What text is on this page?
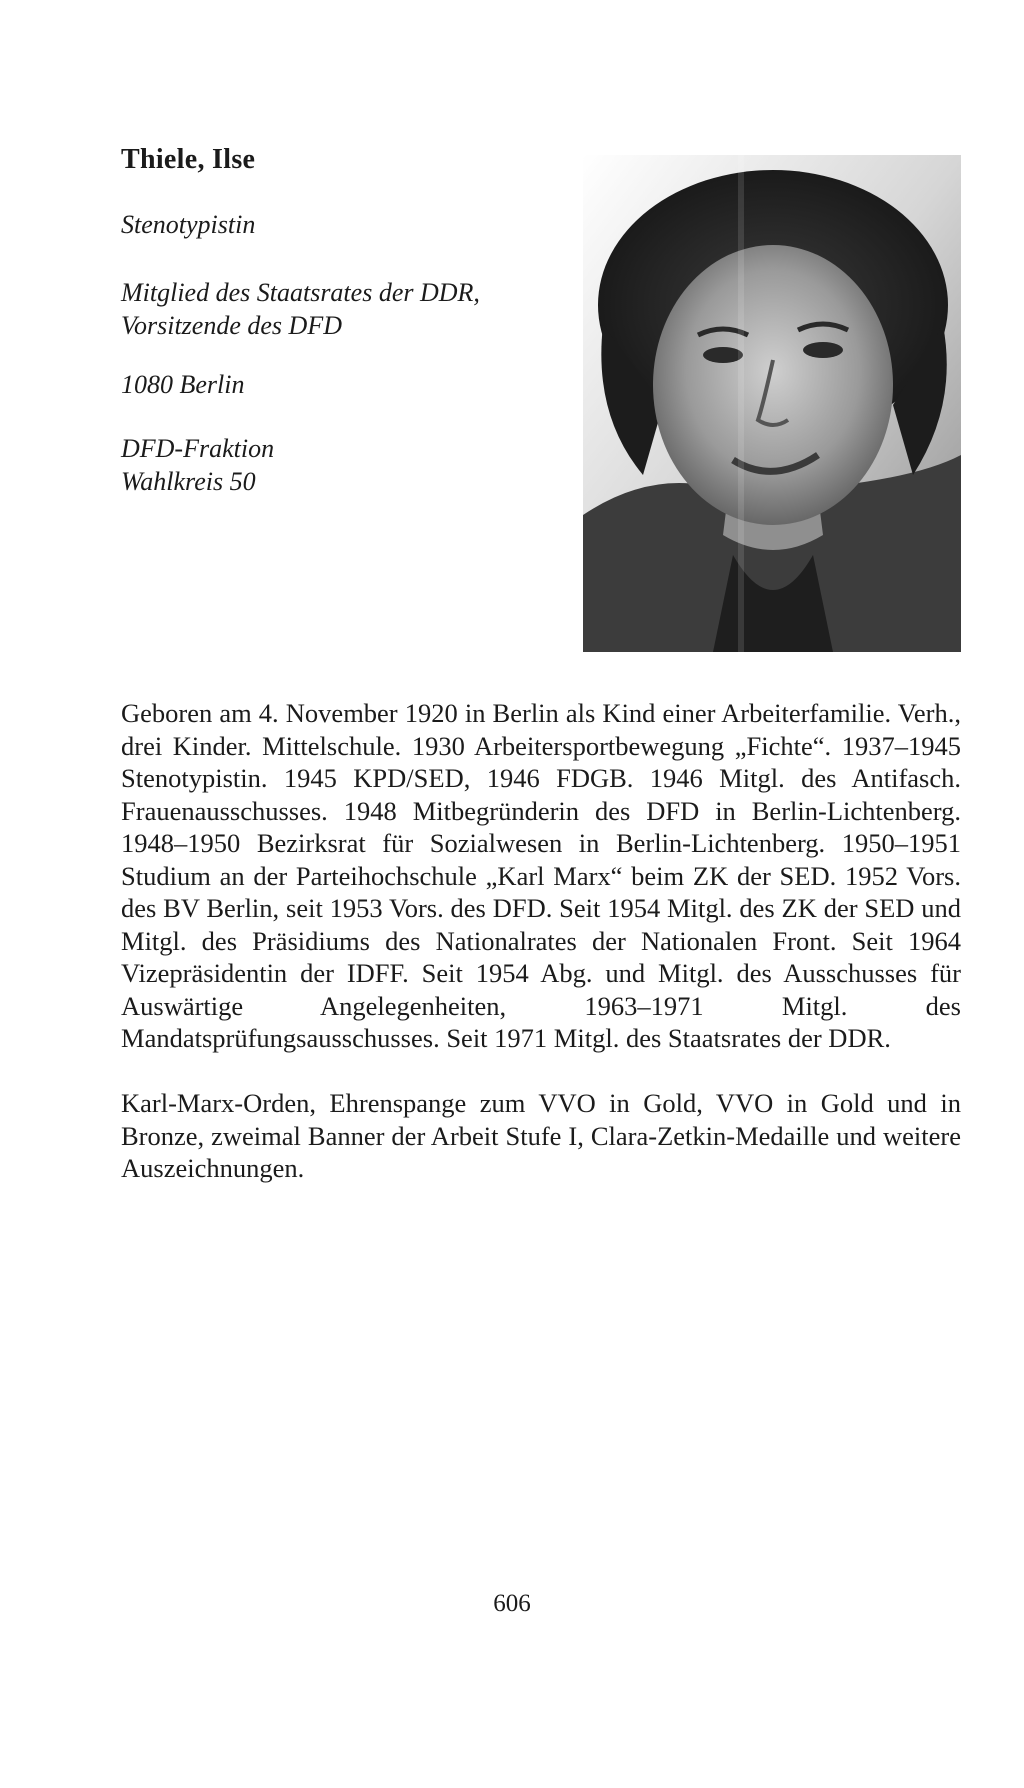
Thiele, Ilse
Stenotypistin
Mitglied des Staatsrates der DDR,
Vorsitzende des DFD
1080 Berlin
DFD-Fraktion
Wahlkreis 50

Geboren am 4. November 1920 in Berlin als Kind einer Arbeiterfamilie. Verh., drei Kinder. Mittelschule. 1930 Arbeitersportbewegung „Fichte“. 1937–1945 Stenotypistin. 1945 KPD/SED, 1946 FDGB. 1946 Mitgl. des Antifasch. Frauenausschusses. 1948 Mitbegründerin des DFD in Berlin-Lichtenberg. 1948–1950 Bezirksrat für Sozialwesen in Berlin-Lichtenberg. 1950–1951 Studium an der Parteihochschule „Karl Marx“ beim ZK der SED. 1952 Vors. des BV Berlin, seit 1953 Vors. des DFD. Seit 1954 Mitgl. des ZK der SED und Mitgl. des Präsidiums des Nationalrates der Nationalen Front. Seit 1964 Vizepräsidentin der IDFF. Seit 1954 Abg. und Mitgl. des Ausschusses für Auswärtige Angelegenheiten, 1963–1971 Mitgl. des Mandatsprüfungsausschusses. Seit 1971 Mitgl. des Staatsrates der DDR.

Karl-Marx-Orden, Ehrenspange zum VVO in Gold, VVO in Gold und in Bronze, zweimal Banner der Arbeit Stufe I, Clara-Zetkin-Medaille und weitere Auszeichnungen.

606
